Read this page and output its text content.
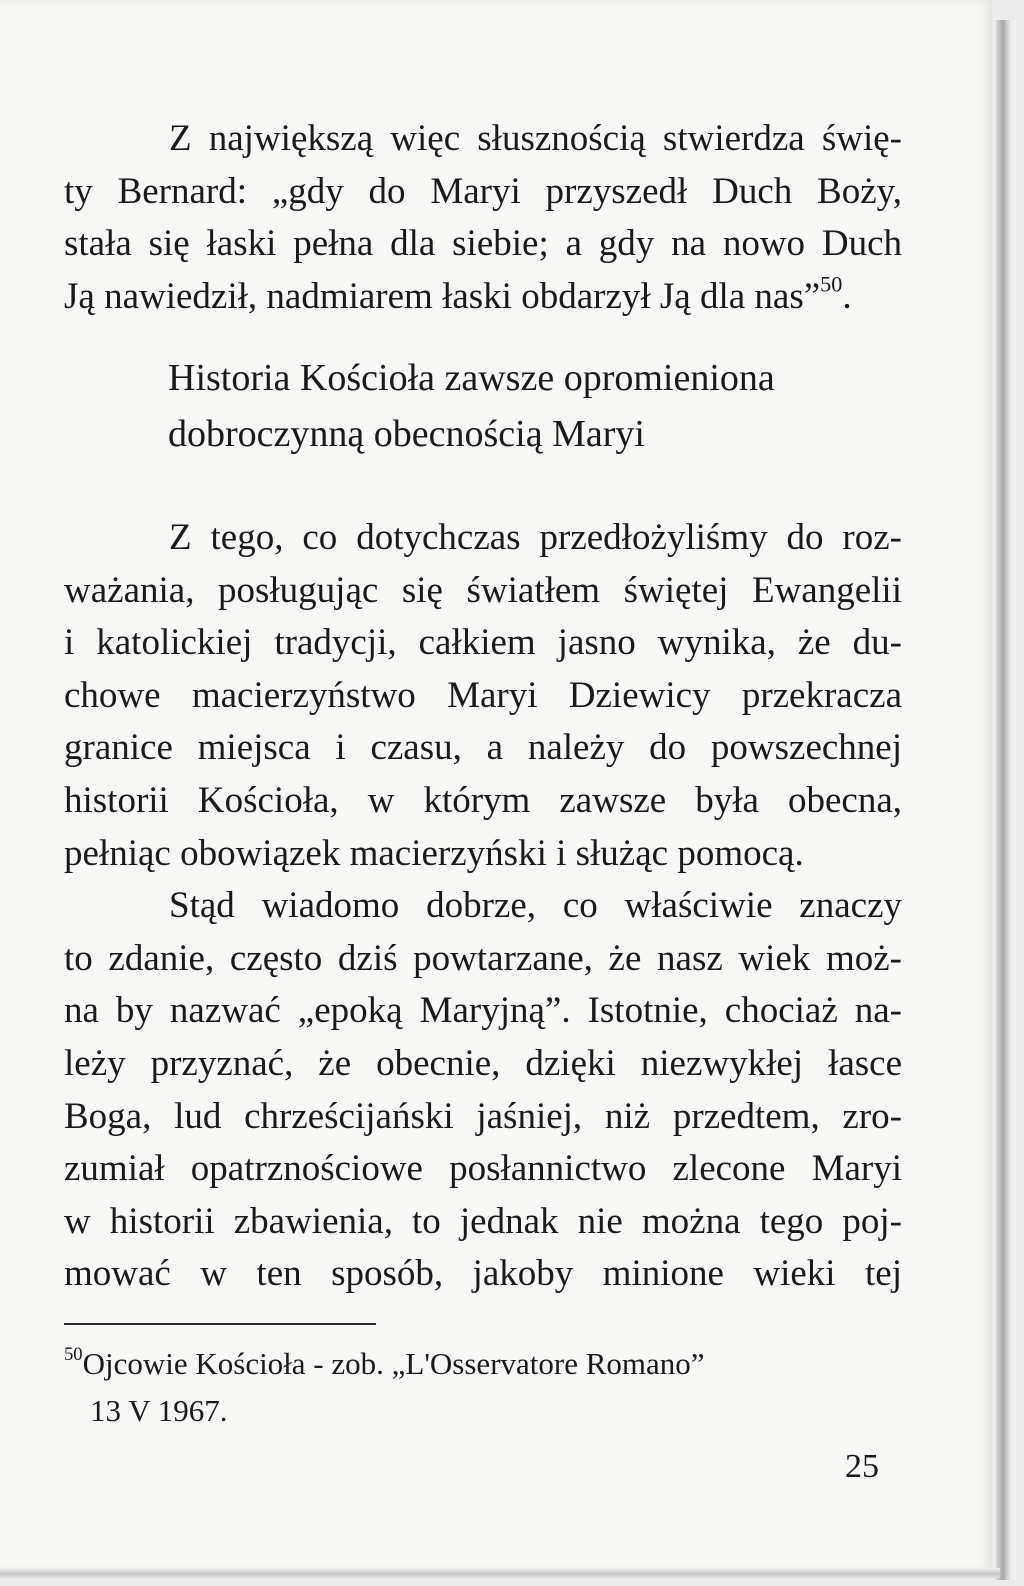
Z największą więc słusznością stwierdza świę-
ty Bernard: „gdy do Maryi przyszedł Duch Boży,
stała się łaski pełna dla siebie; a gdy na nowo Duch
Ją nawiedził, nadmiarem łaski obdarzył Ją dla nas”$^{50}$.
Historia Kościoła zawsze opromieniona
dobroczynną obecnością Maryi
Z tego, co dotychczas przedłożyliśmy do roz-
ważania, posługując się światłem świętej Ewangelii
i katolickiej tradycji, całkiem jasno wynika, że du-
chowe macierzyństwo Maryi Dziewicy przekracza
granice miejsca i czasu, a należy do powszechnej
historii Kościoła, w którym zawsze była obecna,
pełniąc obowiązek macierzyński i służąc pomocą.
Stąd wiadomo dobrze, co właściwie znaczy
to zdanie, często dziś powtarzane, że nasz wiek moż-
na by nazwać „epoką Maryjną”. Istotnie, chociaż na-
leży przyznać, że obecnie, dzięki niezwykłej łasce
Boga, lud chrześcijański jaśniej, niż przedtem, zro-
zumiał opatrznościowe posłannictwo zlecone Maryi
w historii zbawienia, to jednak nie można tego poj-
mować w ten sposób, jakoby minione wieki tej
$^{50}$Ojcowie Kościoła - zob. „L'Osservatore Romano”
13 V 1967.
25
